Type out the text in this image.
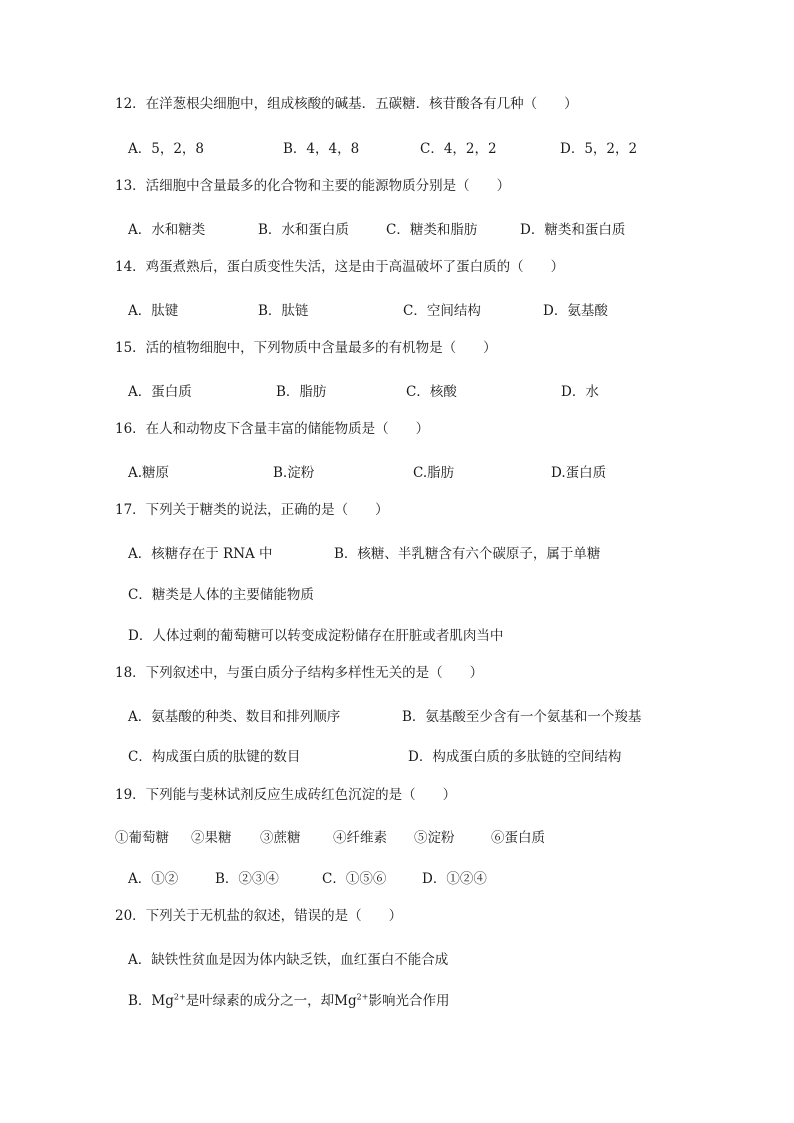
12．在洋葱根尖细胞中，组成核酸的碱基．五碳糖．核苷酸各有几种（　　）
A．5，2，8	B．4，4，8	C．4，2，2	D．5，2，2
13．活细胞中含量最多的化合物和主要的能源物质分别是（　　）
A．水和糖类	B．水和蛋白质	C．糖类和脂肪	D．糖类和蛋白质
14．鸡蛋煮熟后，蛋白质变性失活，这是由于高温破坏了蛋白质的（　　）
A．肽键	B．肽链	C．空间结构	D．氨基酸
15．活的植物细胞中，下列物质中含量最多的有机物是（　　）
A．蛋白质	B．脂肪	C．核酸	D．水
16．在人和动物皮下含量丰富的储能物质是（　　）
A.糖原	B.淀粉	C.脂肪	D.蛋白质
17．下列关于糖类的说法，正确的是（　　）
A．核糖存在于 RNA 中	B．核糖、半乳糖含有六个碳原子，属于单糖
C．糖类是人体的主要储能物质
D．人体过剩的葡萄糖可以转变成淀粉储存在肝脏或者肌肉当中
18．下列叙述中，与蛋白质分子结构多样性无关的是（　　）
A．氨基酸的种类、数目和排列顺序	B．氨基酸至少含有一个氨基和一个羧基
C．构成蛋白质的肽键的数目	D．构成蛋白质的多肽链的空间结构
19．下列能与斐林试剂反应生成砖红色沉淀的是（　　）
①葡萄糖 ②果糖 ③蔗糖 ④纤维素 ⑤淀粉	⑥蛋白质
A．①②	B．②③④	C．①⑤⑥	D．①②④
20．下列关于无机盐的叙述，错误的是（　　）
A．缺铁性贫血是因为体内缺乏铁，血红蛋白不能合成
B．$Mg^{2+}$是叶绿素的成分之一，却$Mg^{2+}$影响光合作用
